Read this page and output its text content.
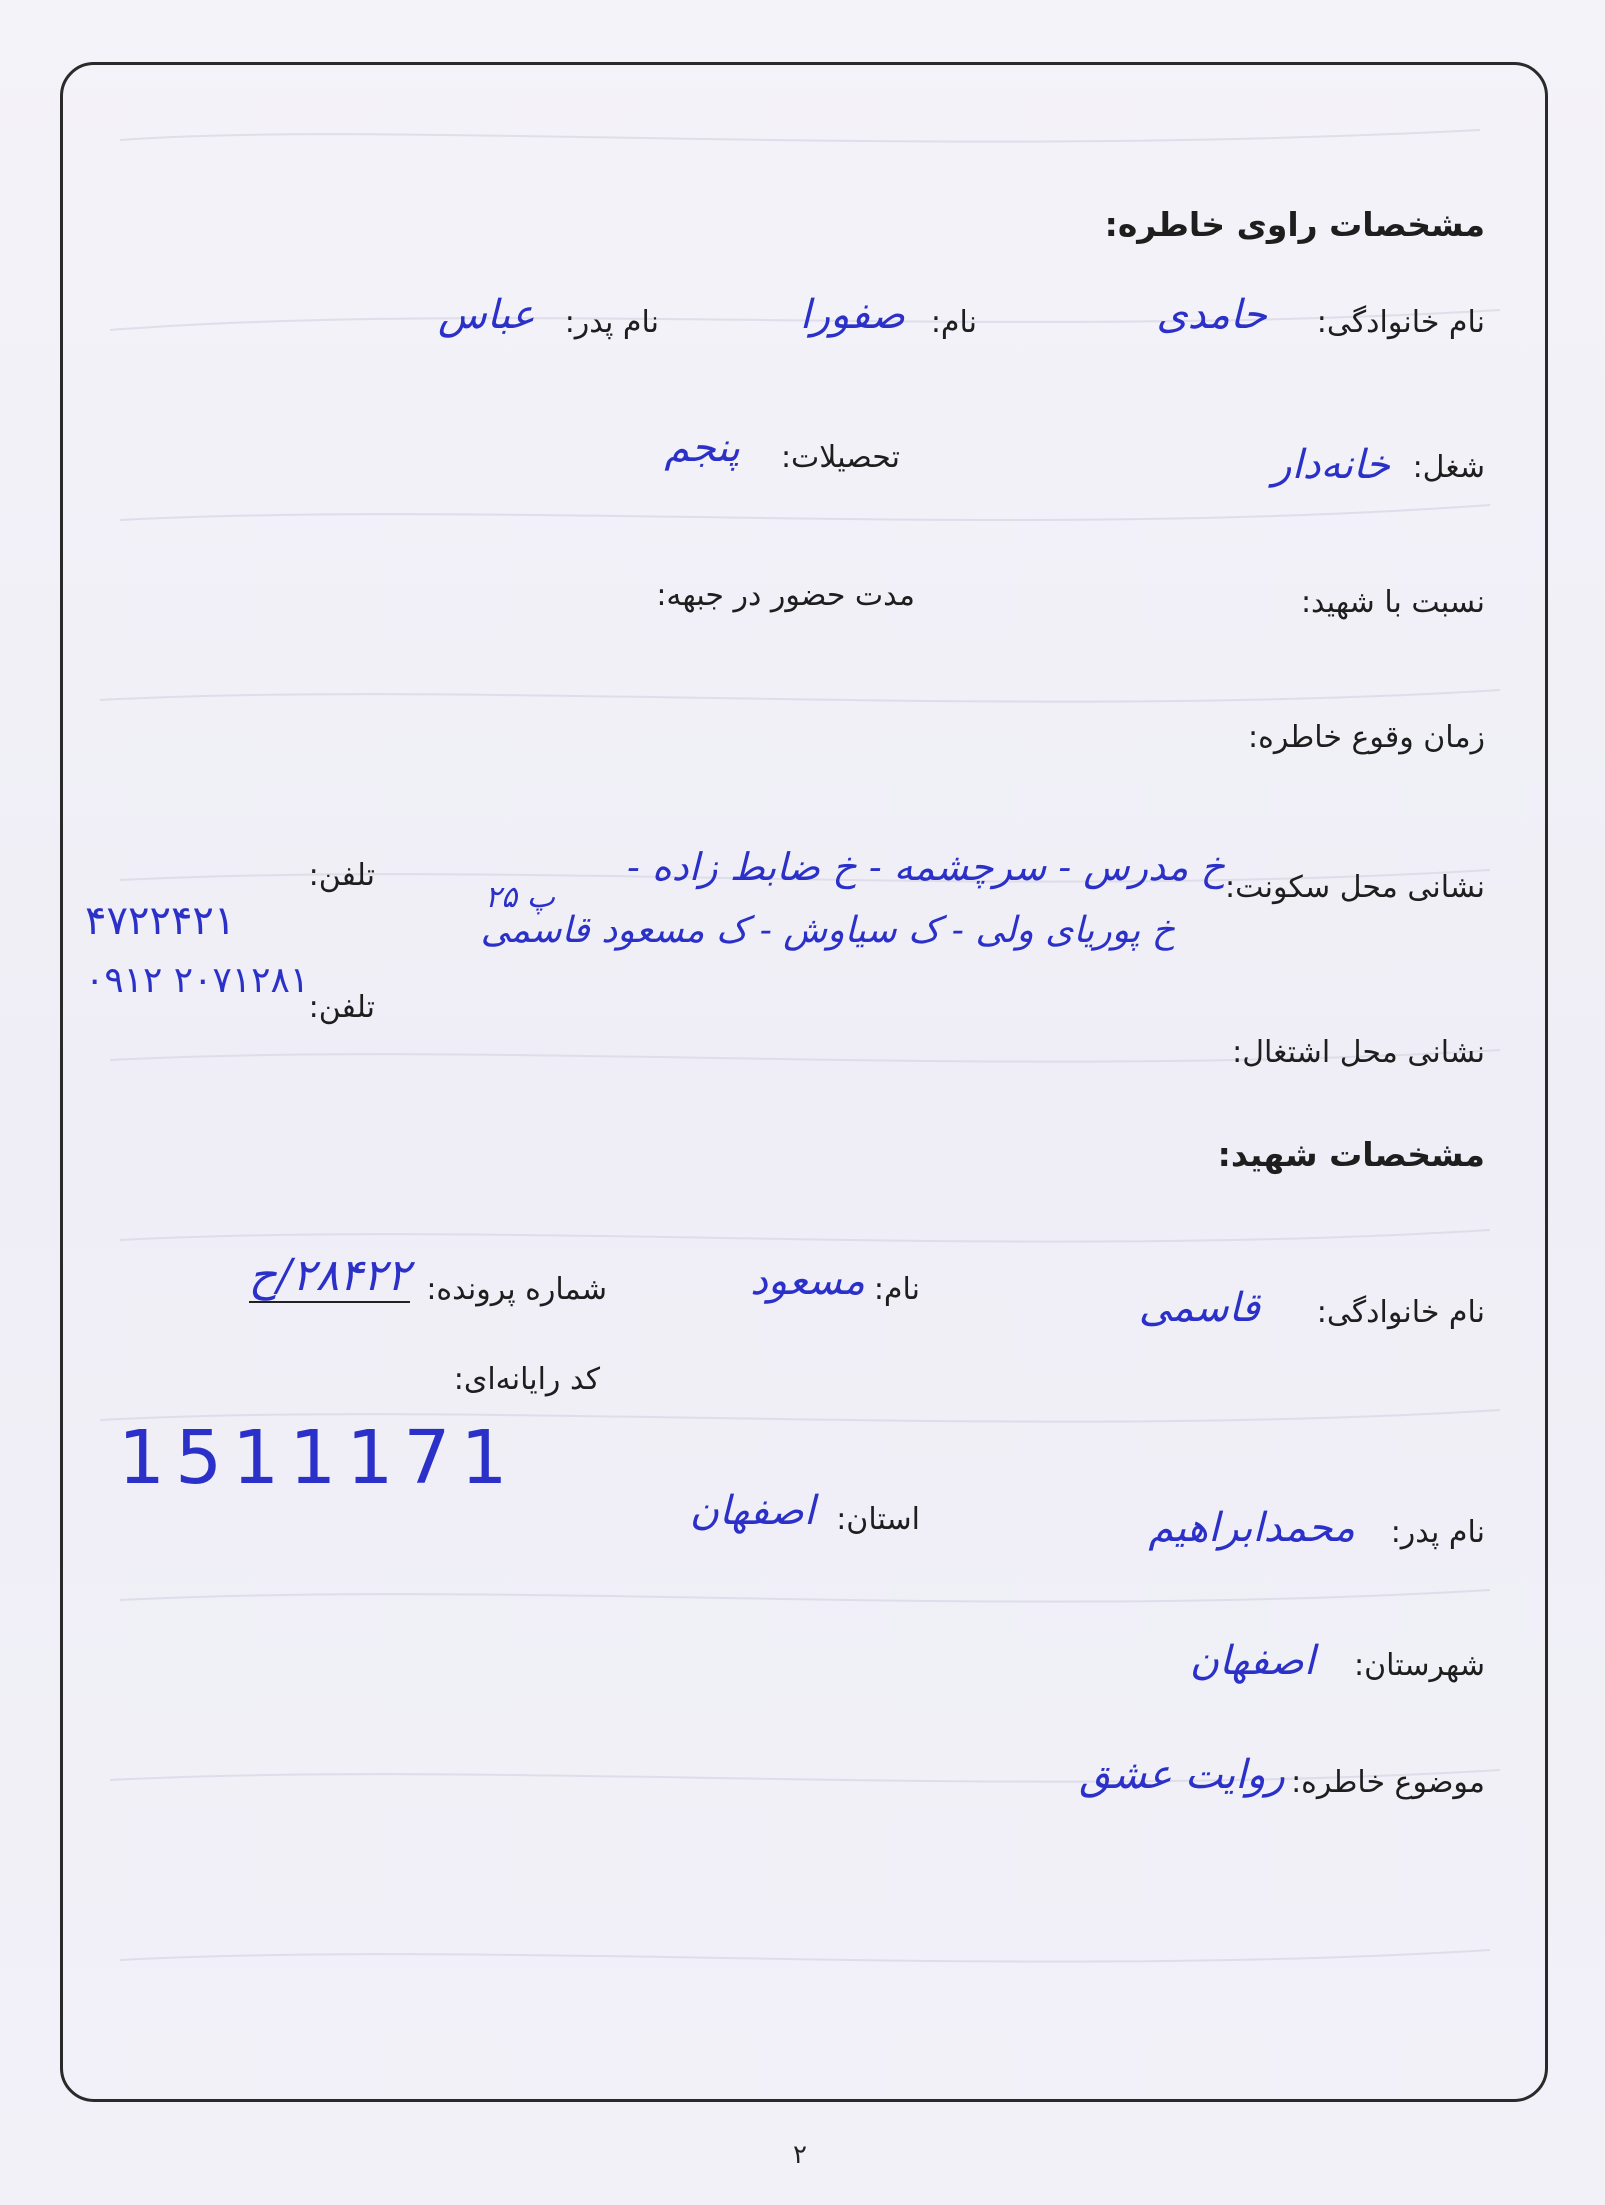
مشخصات راوی خاطره:
نام خانوادگی:
حامدی
نام:
صفورا
نام پدر:
عباس
شغل:
خانه‌دار
تحصیلات:
پنجم
نسبت با شهید:
مدت حضور در جبهه:
زمان وقوع خاطره:
نشانی محل سکونت:
خ مدرس - سرچشمه - خ ضابط زاده -
خ پوریای ولی - ک سیاوش - ک مسعود قاسمی
تلفن:
۴۷۲۲۴۲۱
پ ۲۵
۰۹۱۲ ۲۰۷۱۲۸۱
تلفن:
نشانی محل اشتغال:
مشخصات شهید:
نام خانوادگی:
قاسمی
نام:
مسعود
شماره پرونده:
۲۸۴۲۲/ح
کد رایانه‌ای:
1511171
نام پدر:
محمدابراهیم
استان:
اصفهان
شهرستان:
اصفهان
موضوع خاطره:
روایت عشق
۲
